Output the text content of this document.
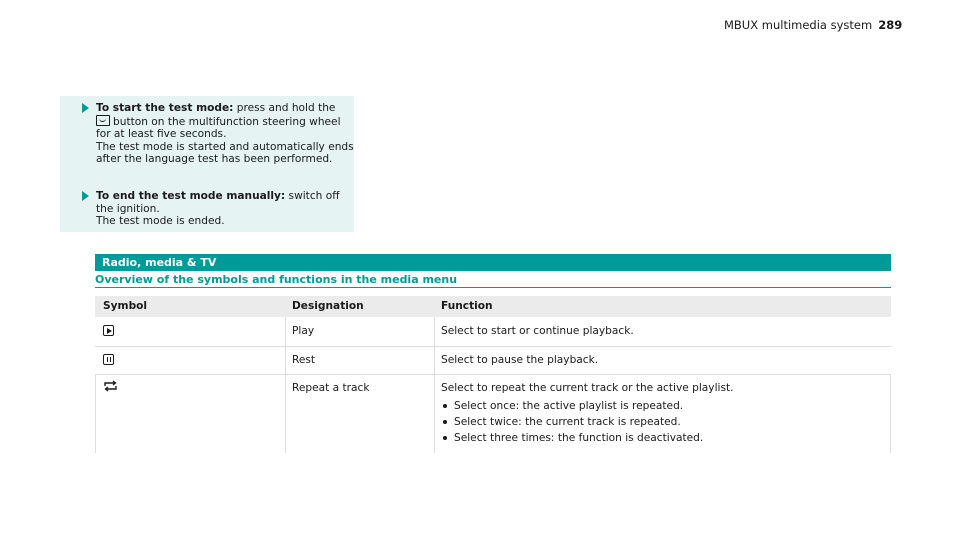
MBUX multimedia system 289
To start the test mode: press and hold the
button on the multifunction steering wheel for at least five seconds.
The test mode is started and automatically ends after the language test has been performed.
To end the test mode manually: switch off the ignition.
The test mode is ended.
Radio, media & TV
Overview of the symbols and functions in the media menu
Symbol	Designation	Function
Play	Select to start or continue playback.
Rest	Select to pause the playback.
Repeat a track	Select to repeat the current track or the active playlist.
Select once: the active playlist is repeated.
Select twice: the current track is repeated.
Select three times: the function is deactivated.
